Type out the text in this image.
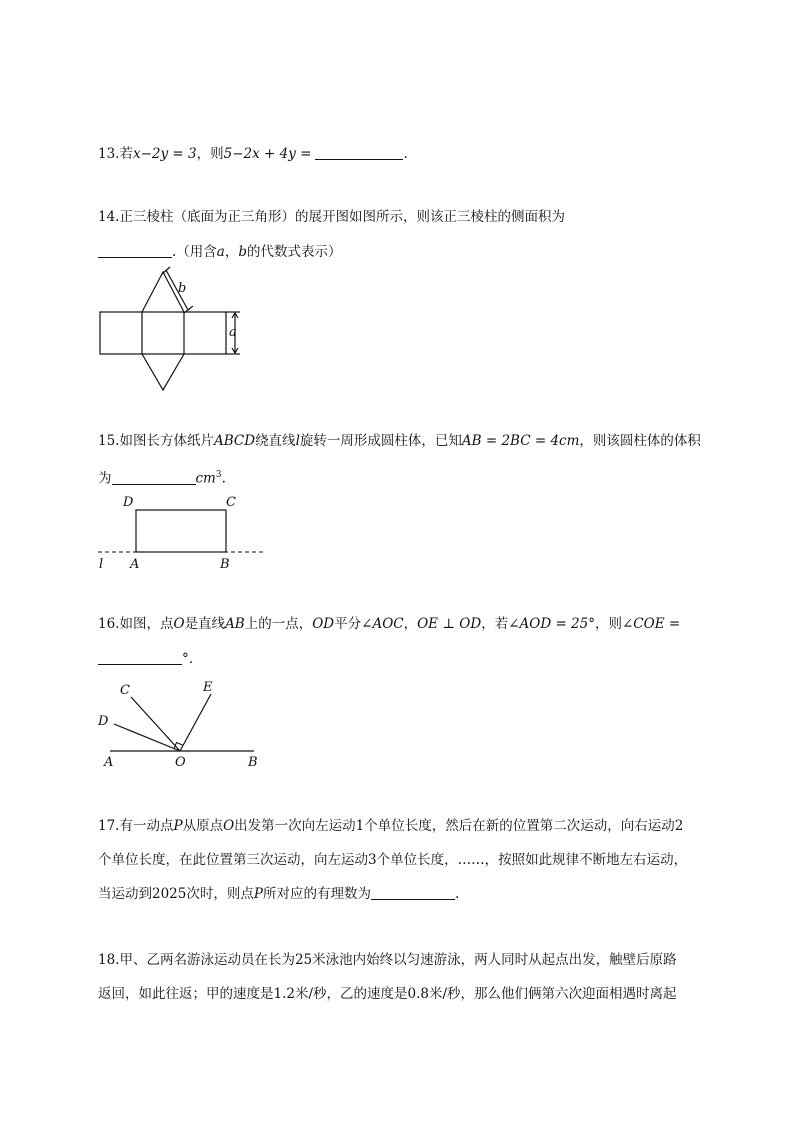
13.若x−2y = 3，则5−2x + 4y =	.
14.正三棱柱（底面为正三角形）的展开图如图所示，则该正三棱柱的侧面积为
.（用含a，b的代数式表示）
b
a
D	C
l A	B
C	E
D
A	O	B
15.如图长方体纸片ABCD绕直线l旋转一周形成圆柱体，已知AB = 2BC = 4cm，则该圆柱体的体积
为	$cm^3$.
16.如图，点O是直线AB上的一点，OD平分∠AOC，OE ⊥ OD，若∠AOD = 25°，则∠COE =
°.
17.有一动点P从原点O出发第一次向左运动1个单位长度，然后在新的位置第二次运动，向右运动2
个单位长度，在此位置第三次运动，向左运动3个单位长度，……，按照如此规律不断地左右运动，
当运动到2025次时，则点P所对应的有理数为	.
18.甲、乙两名游泳运动员在长为25米泳池内始终以匀速游泳，两人同时从起点出发，触壁后原路
返回，如此往返；甲的速度是1.2米/秒，乙的速度是0.8米/秒，那么他们俩第六次迎面相遇时离起
